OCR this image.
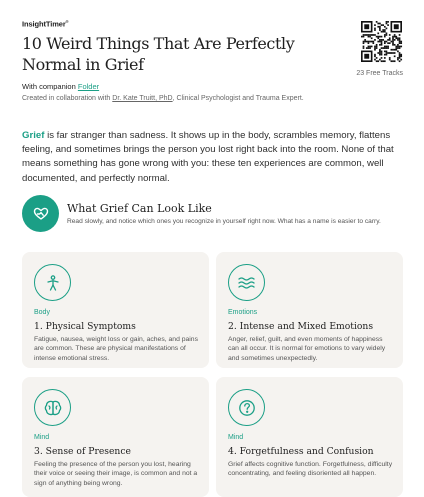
InsightTimer®
10 Weird Things That Are Perfectly Normal in Grief
With companion Folder
Created in collaboration with Dr. Kate Truitt, PhD, Clinical Psychologist and Trauma Expert.
23 Free Tracks
Grief is far stranger than sadness. It shows up in the body, scrambles memory, flattens feeling, and sometimes brings the person you lost right back into the room. None of that means something has gone wrong with you: these ten experiences are common, well documented, and perfectly normal.
What Grief Can Look Like
Read slowly, and notice which ones you recognize in yourself right now. What has a name is easier to carry.
Body
1. Physical Symptoms
Fatigue, nausea, weight loss or gain, aches, and pains are common. These are physical manifestations of intense emotional stress.
Emotions
2. Intense and Mixed Emotions
Anger, relief, guilt, and even moments of happiness can all occur. It is normal for emotions to vary widely and sometimes unexpectedly.
Mind
3. Sense of Presence
Feeling the presence of the person you lost, hearing their voice or seeing their image, is common and not a sign of anything being wrong.
Mind
4. Forgetfulness and Confusion
Grief affects cognitive function. Forgetfulness, difficulty concentrating, and feeling disoriented all happen.
